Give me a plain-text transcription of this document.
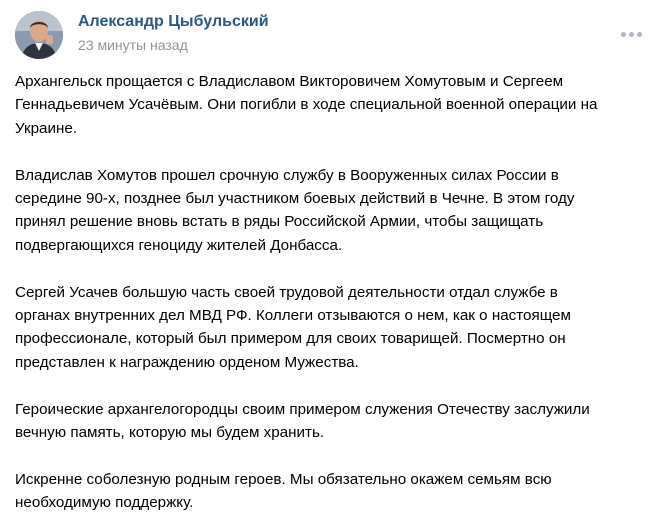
Александр Цыбульский
23 минуты назад

Архангельск прощается с Владиславом Викторовичем Хомутовым и Сергеем
Геннадьевичем Усачёвым. Они погибли в ходе специальной военной операции на
Украине.

Владислав Хомутов прошел срочную службу в Вооруженных силах России в
середине 90-х, позднее был участником боевых действий в Чечне. В этом году
принял решение вновь встать в ряды Российской Армии, чтобы защищать
подвергающихся геноциду жителей Донбасса.

Сергей Усачев большую часть своей трудовой деятельности отдал службе в
органах внутренних дел МВД РФ. Коллеги отзываются о нем, как о настоящем
профессионале, который был примером для своих товарищей. Посмертно он
представлен к награждению орденом Мужества.

Героические архангелогородцы своим примером служения Отечеству заслужили
вечную память, которую мы будем хранить.

Искренне соболезную родным героев. Мы обязательно окажем семьям всю
необходимую поддержку.
